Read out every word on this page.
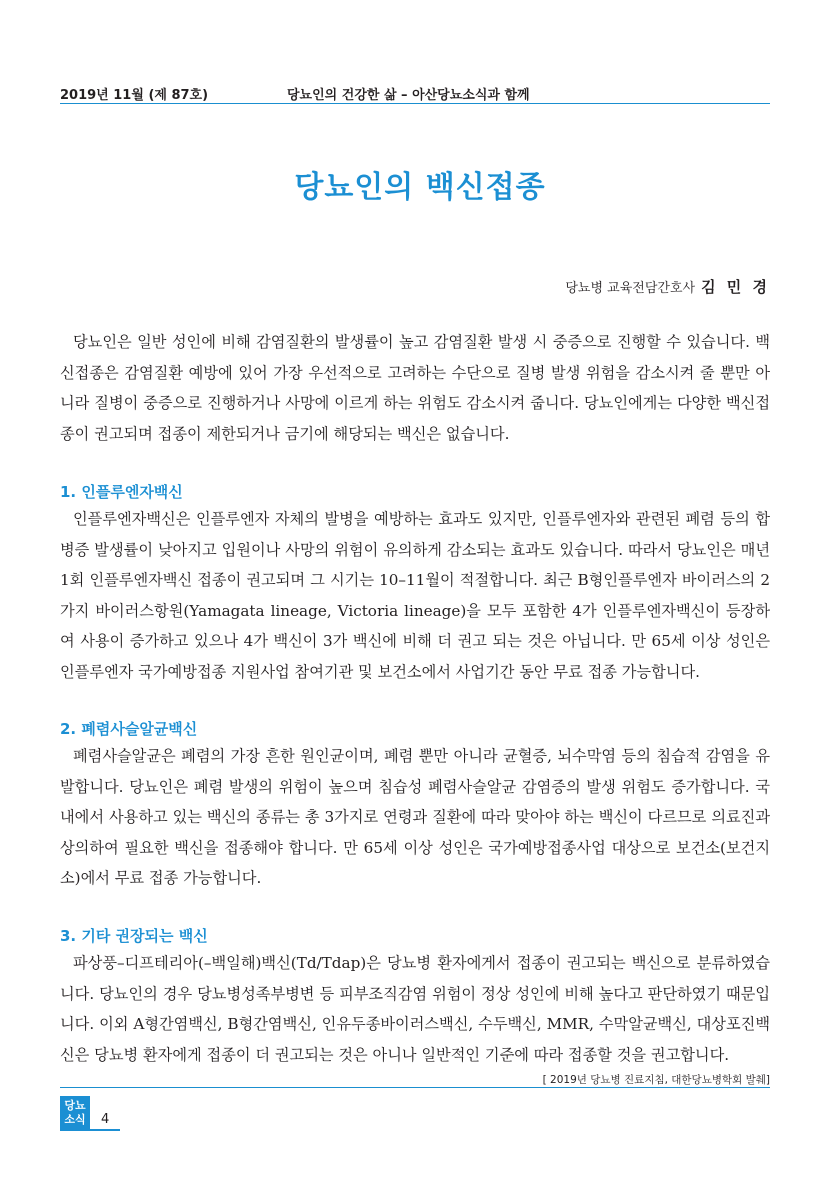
2019년 11월 (제 87호)	당뇨인의 건강한 삶 – 아산당뇨소식과 함께
당뇨인의 백신접종
당뇨병 교육전담간호사 김 민 경

당뇨인은 일반 성인에 비해 감염질환의 발생률이 높고 감염질환 발생 시 중증으로 진행할 수 있습니다. 백신접종은 감염질환 예방에 있어 가장 우선적으로 고려하는 수단으로 질병 발생 위험을 감소시켜 줄 뿐만 아니라 질병이 중증으로 진행하거나 사망에 이르게 하는 위험도 감소시켜 줍니다. 당뇨인에게는 다양한 백신접종이 권고되며 접종이 제한되거나 금기에 해당되는 백신은 없습니다.

1. 인플루엔자백신

인플루엔자백신은 인플루엔자 자체의 발병을 예방하는 효과도 있지만, 인플루엔자와 관련된 폐렴 등의 합병증 발생률이 낮아지고 입원이나 사망의 위험이 유의하게 감소되는 효과도 있습니다. 따라서 당뇨인은 매년 1회 인플루엔자백신 접종이 권고되며 그 시기는 10–11월이 적절합니다. 최근 B형인플루엔자 바이러스의 2가지 바이러스항원(Yamagata lineage, Victoria lineage)을 모두 포함한 4가 인플루엔자백신이 등장하여 사용이 증가하고 있으나 4가 백신이 3가 백신에 비해 더 권고 되는 것은 아닙니다. 만 65세 이상 성인은 인플루엔자 국가예방접종 지원사업 참여기관 및 보건소에서 사업기간 동안 무료 접종 가능합니다.

2. 폐렴사슬알균백신

폐렴사슬알균은 폐렴의 가장 흔한 원인균이며, 폐렴 뿐만 아니라 균혈증, 뇌수막염 등의 침습적 감염을 유발합니다. 당뇨인은 폐렴 발생의 위험이 높으며 침습성 폐렴사슬알균 감염증의 발생 위험도 증가합니다. 국내에서 사용하고 있는 백신의 종류는 총 3가지로 연령과 질환에 따라 맞아야 하는 백신이 다르므로 의료진과 상의하여 필요한 백신을 접종해야 합니다. 만 65세 이상 성인은 국가예방접종사업 대상으로 보건소(보건지소)에서 무료 접종 가능합니다.

3. 기타 권장되는 백신

파상풍–디프테리아(–백일해)백신(Td/Tdap)은 당뇨병 환자에게서 접종이 권고되는 백신으로 분류하였습니다. 당뇨인의 경우 당뇨병성족부병변 등 피부조직감염 위험이 정상 성인에 비해 높다고 판단하였기 때문입니다. 이외 A형간염백신, B형간염백신, 인유두종바이러스백신, 수두백신, MMR, 수막알균백신, 대상포진백신은 당뇨병 환자에게 접종이 더 권고되는 것은 아니나 일반적인 기준에 따라 접종할 것을 권고합니다.

[ 2019년 당뇨병 진료지침, 대한당뇨병학회 발췌]
당뇨
소식	4
